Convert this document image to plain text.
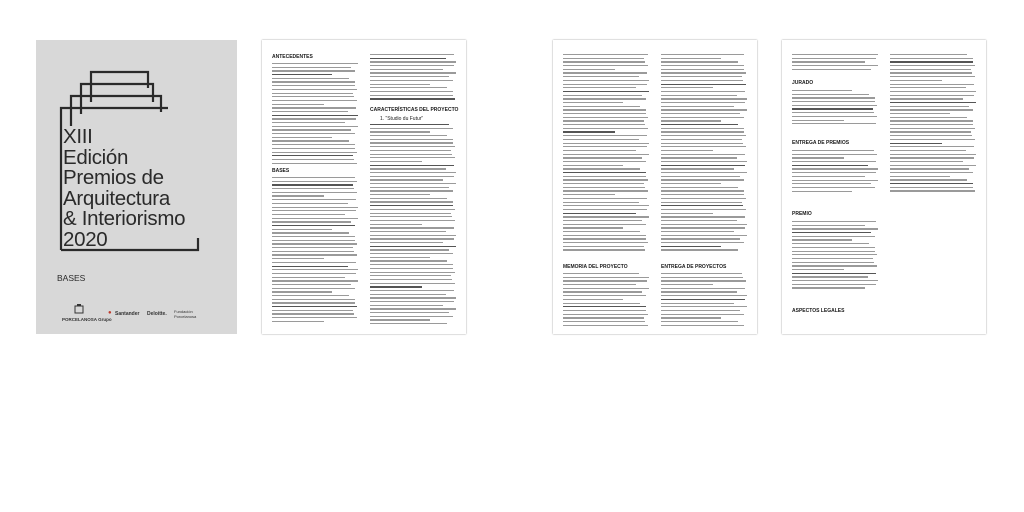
XIII
Edición
Premios de
Arquitectura
& Interiorismo
2020
BASES
PORCELANOSA Grupo
● Santander Deloitte. Fundación Porcelanosa
ANTECEDENTES
BASES
CARACTERÍSTICAS DEL PROYECTO
1. “Studio du Futur”
MEMORIA DEL PROYECTO	ENTREGA DE PROYECTOS
JURADO
ENTREGA DE PREMIOS
PREMIO
ASPECTOS LEGALES
